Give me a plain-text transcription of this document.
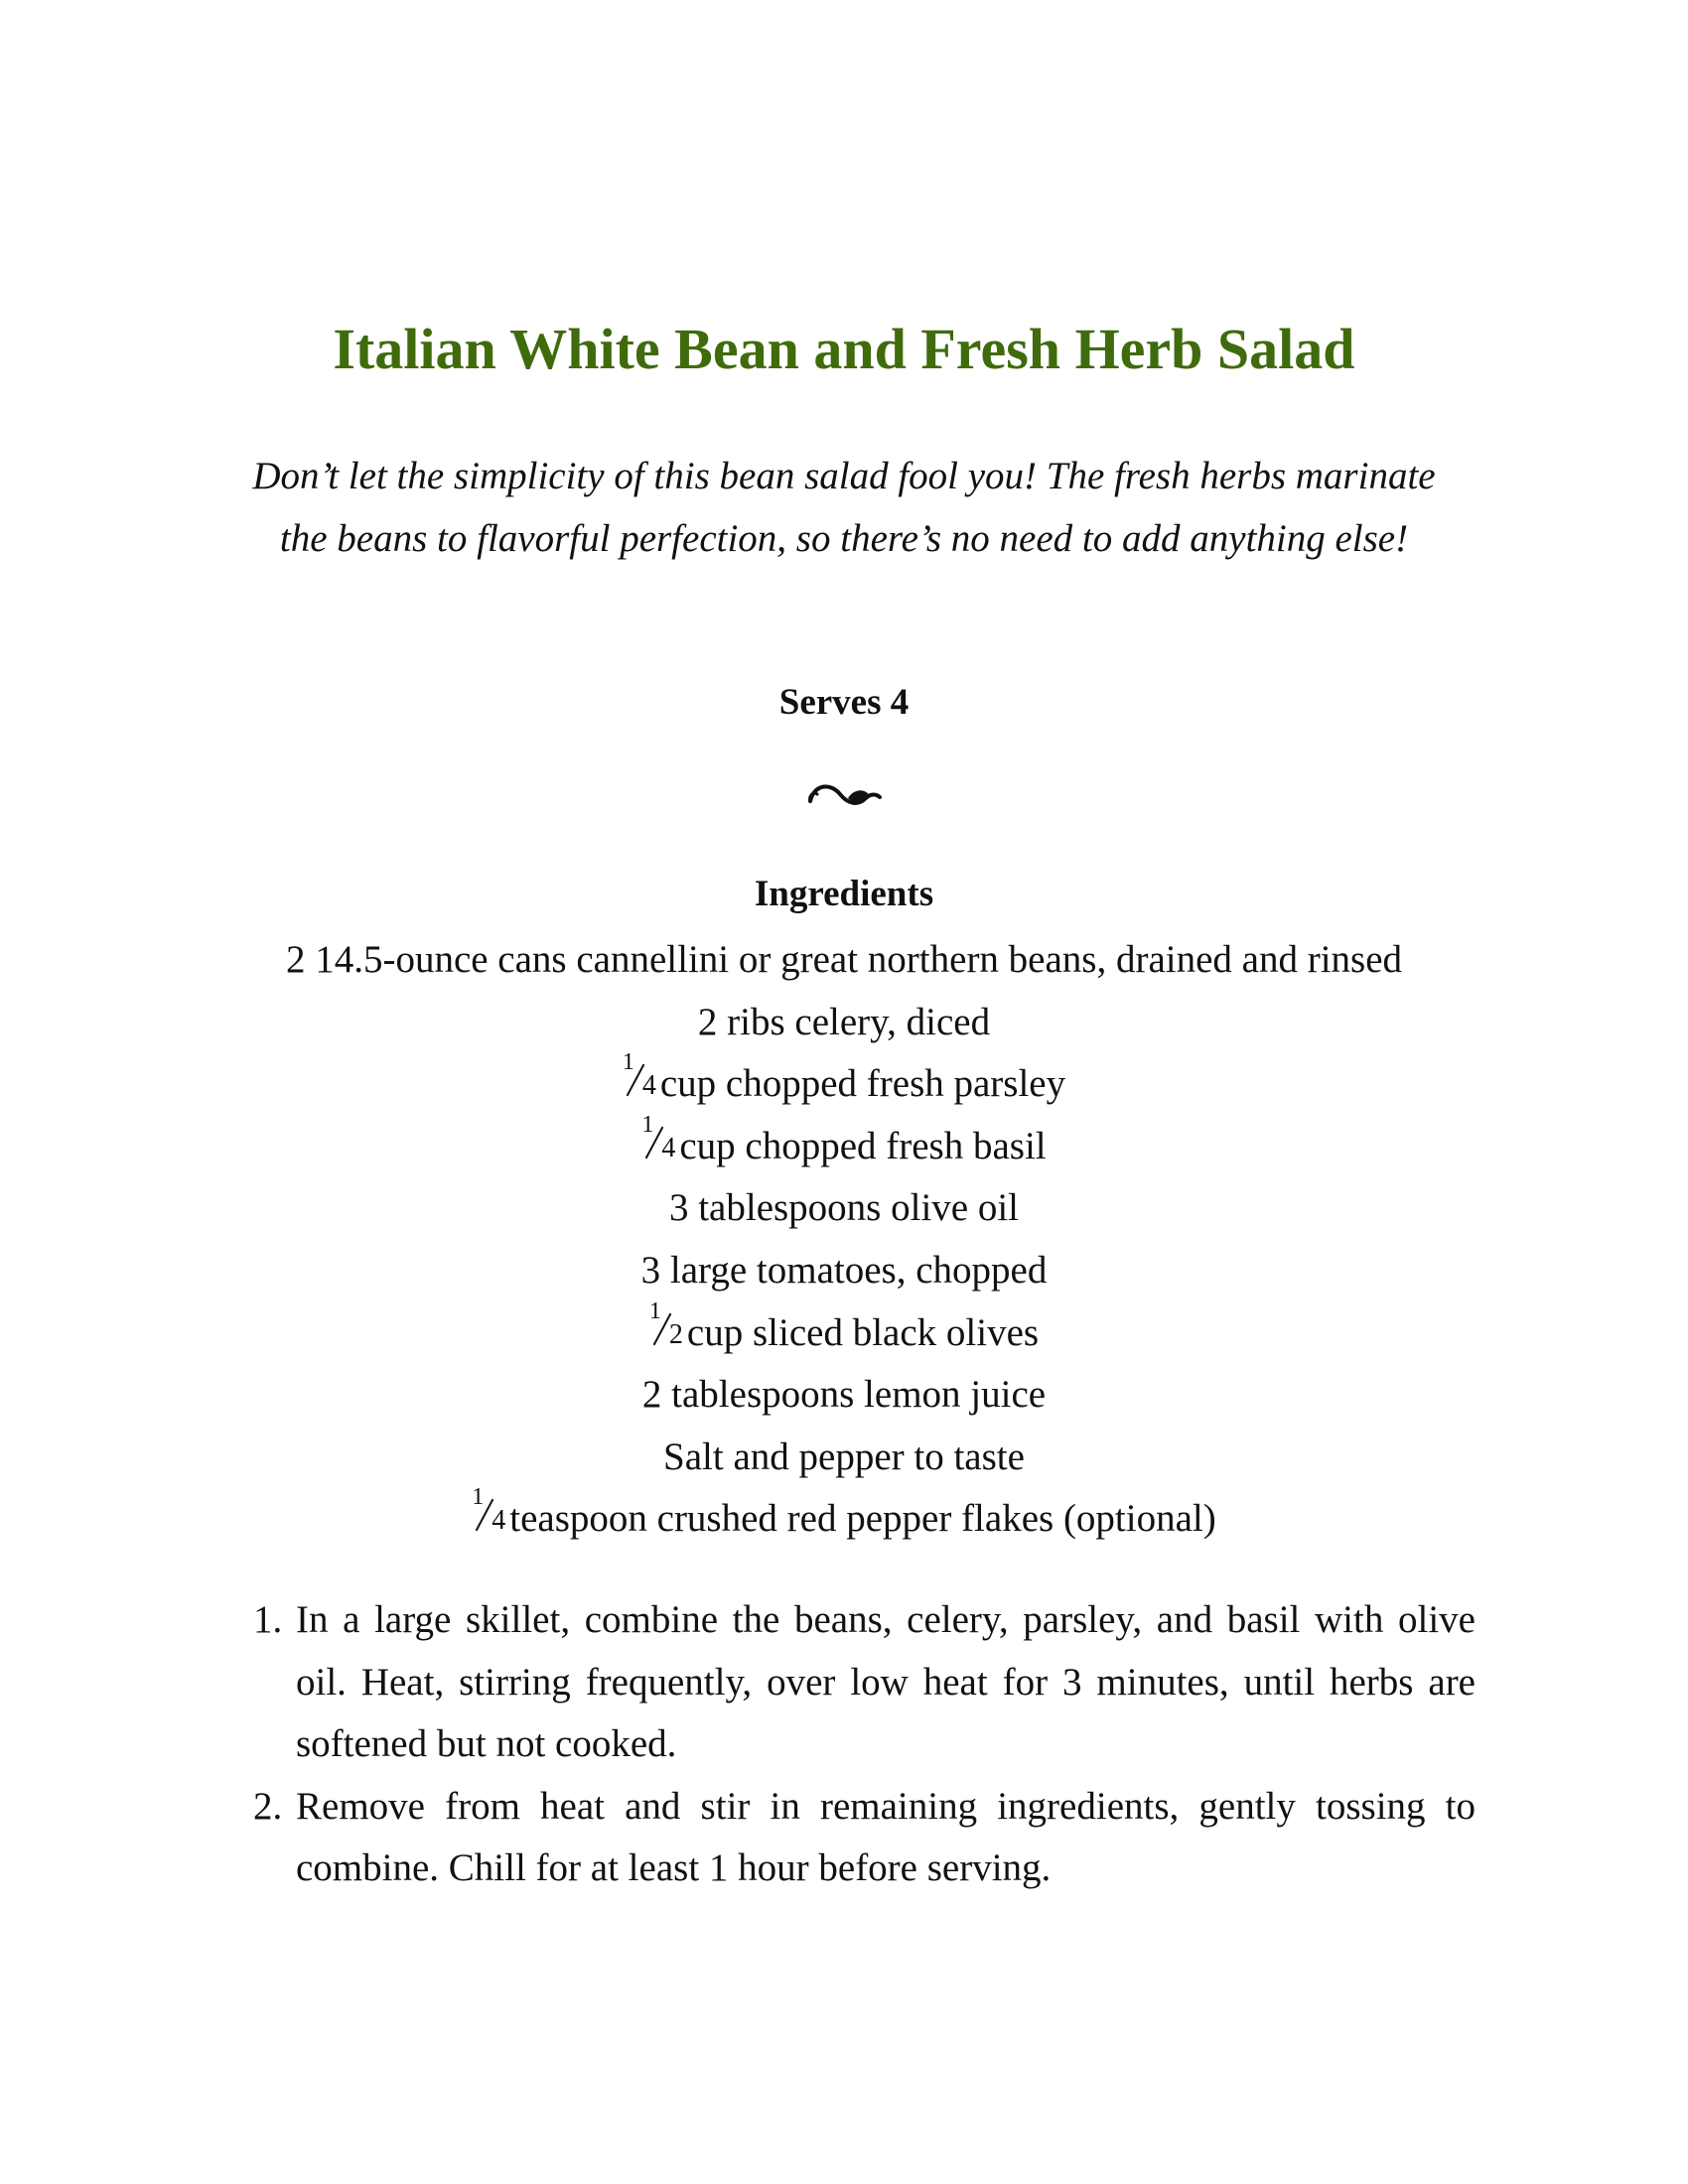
Italian White Bean and Fresh Herb Salad

Don’t let the simplicity of this bean salad fool you! The fresh herbs marinate the beans to flavorful perfection, so there’s no need to add anything else!

Serves 4
Ingredients
2 14.5-ounce cans cannellini or great northern beans, drained and rinsed
2 ribs celery, diced
1
4 cup chopped fresh parsley
1
4 cup chopped fresh basil
3 tablespoons olive oil
3 large tomatoes, chopped
1
2 cup sliced black olives
2 tablespoons lemon juice
Salt and pepper to taste
1
4 teaspoon crushed red pepper flakes (optional)
1. In a large skillet, combine the beans, celery, parsley, and basil with olive oil. Heat, stirring frequently, over low heat for 3 minutes, until herbs are softened but not cooked.
2. Remove from heat and stir in remaining ingredients, gently tossing to combine. Chill for at least 1 hour before serving.
